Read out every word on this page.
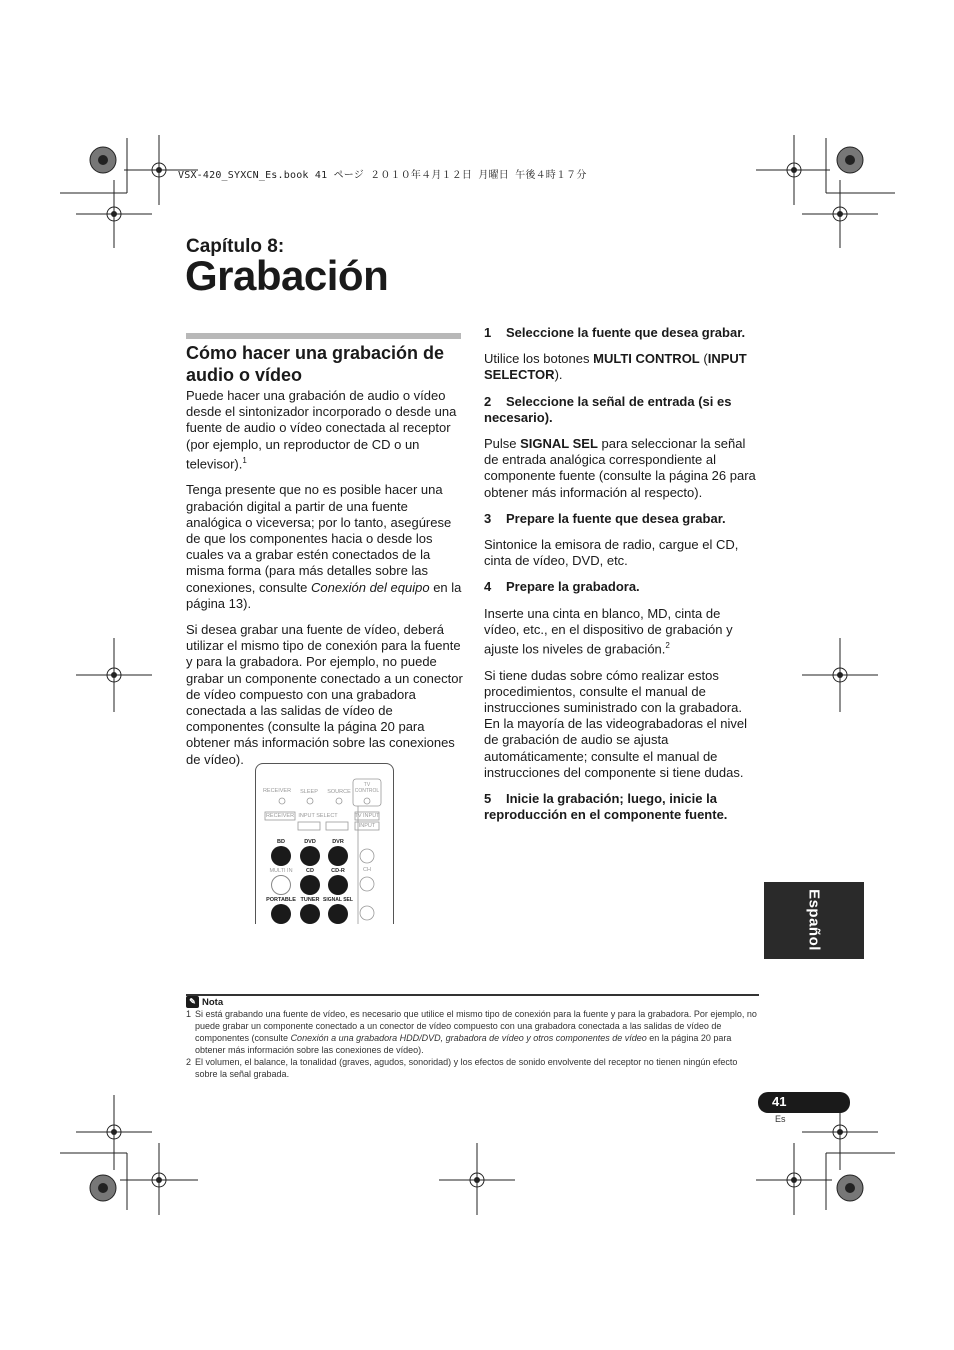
VSX-420_SYXCN_Es.book 41 ページ ２０１０年４月１２日 月曜日 午後４時１７分
Capítulo 8:
Grabación
Cómo hacer una grabación de audio o vídeo

Puede hacer una grabación de audio o vídeo desde el sintonizador incorporado o desde una fuente de audio o vídeo conectada al receptor (por ejemplo, un reproductor de CD o un televisor).$^1$

Tenga presente que no es posible hacer una grabación digital a partir de una fuente analógica o viceversa; por lo tanto, asegúrese de que los componentes hacia o desde los cuales va a grabar estén conectados de la misma forma (para más detalles sobre las conexiones, consulte Conexión del equipo en la página 13).

Si desea grabar una fuente de vídeo, deberá utilizar el mismo tipo de conexión para la fuente y para la grabadora. Por ejemplo, no puede grabar un componente conectado a un conector de vídeo compuesto con una grabadora conectada a las salidas de vídeo de componentes (consulte la página 20 para obtener más información sobre las conexiones de vídeo).

1 Seleccione la fuente que desea grabar.

Utilice los botones MULTI CONTROL (INPUT SELECTOR).

2 Seleccione la señal de entrada (si es necesario).

Pulse SIGNAL SEL para seleccionar la señal de entrada analógica correspondiente al componente fuente (consulte la página 26 para obtener más información al respecto).

3 Prepare la fuente que desea grabar.

Sintonice la emisora de radio, cargue el CD, cinta de vídeo, DVD, etc.

4 Prepare la grabadora.

Inserte una cinta en blanco, MD, cinta de vídeo, etc., en el dispositivo de grabación y ajuste los niveles de grabación.$^2$

Si tiene dudas sobre cómo realizar estos procedimientos, consulte el manual de instrucciones suministrado con la grabadora. En la mayoría de las videograbadoras el nivel de grabación de audio se ajusta automáticamente; consulte el manual de instrucciones del componente si tiene dudas.

5 Inicie la grabación; luego, inicie la reproducción en el componente fuente.

RECEIVER	SLEEP	SOURCE
TV CONTROL
RECEIVER INPUT SELECT	TV INPUT
INPUT
BD	DVD	DVR
MULTI IN	CD	CD-R	CH
PORTABLE TUNER SIGNAL SEL	Español
✎ Nota
1 Si está grabando una fuente de vídeo, es necesario que utilice el mismo tipo de conexión para la fuente y para la grabadora. Por ejemplo, no puede grabar un componente conectado a un conector de vídeo compuesto con una grabadora conectada a las salidas de vídeo de componentes (consulte Conexión a una grabadora HDD/DVD, grabadora de vídeo y otros componentes de vídeo en la página 20 para obtener más información sobre las conexiones de vídeo).
2 El volumen, el balance, la tonalidad (graves, agudos, sonoridad) y los efectos de sonido envolvente del receptor no tienen ningún efecto sobre la señal grabada.
41
Es
